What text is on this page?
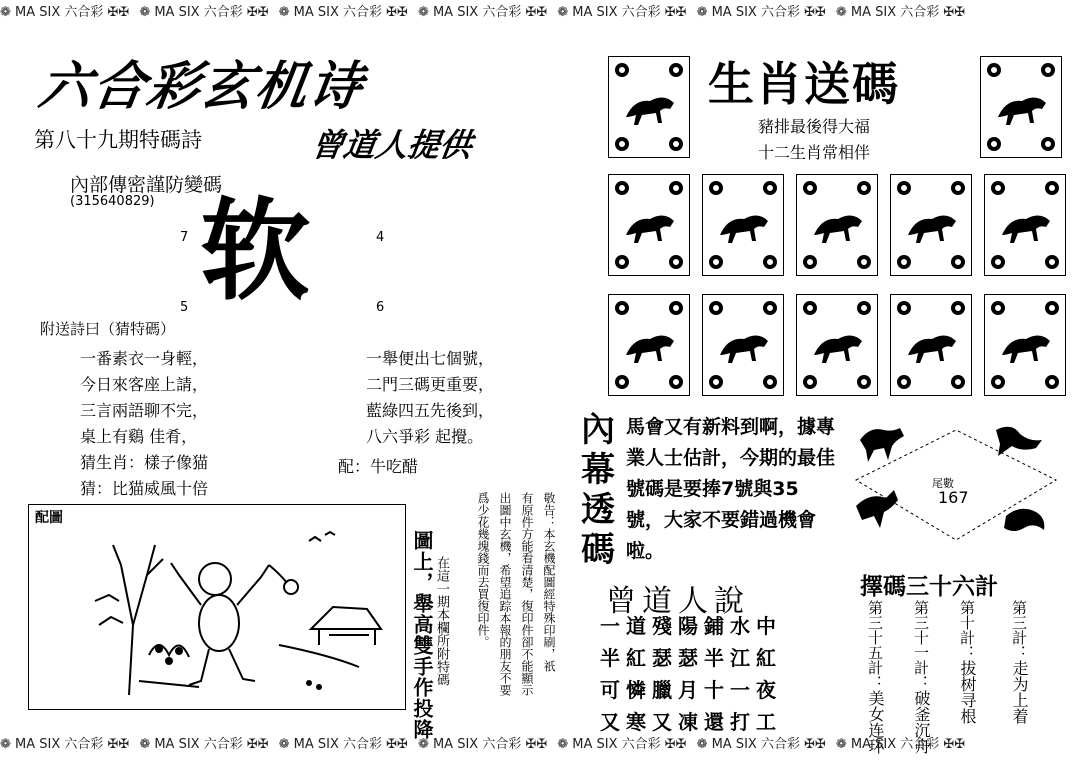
❁ MA SIX 六合彩 ✠✠ ❁ MA SIX 六合彩 ✠✠ ❁ MA SIX 六合彩 ✠✠ ❁ MA SIX 六合彩 ✠✠ ❁ MA SIX 六合彩 ✠✠ ❁ MA SIX 六合彩 ✠✠ ❁ MA SIX 六合彩 ✠✠
❁ MA SIX 六合彩 ✠✠ ❁ MA SIX 六合彩 ✠✠ ❁ MA SIX 六合彩 ✠✠ ❁ MA SIX 六合彩 ✠✠ ❁ MA SIX 六合彩 ✠✠ ❁ MA SIX 六合彩 ✠✠ ❁ MA SIX 六合彩 ✠✠
六合彩玄机诗
第八十九期特碼詩	曾道人提供
內部傳密謹防變碼
(315640829) 软
7	4
5	6
附送詩曰（猜特碼）
一番素衣一身輕，
今日來客座上請，
三言兩語聊不完，
桌上有鷄 佳肴，
猜生肖：樣子像猫
猜：比猫威風十倍
一舉便出七個號，
二門三碼更重要，
藍綠四五先後到，
八六爭彩 起攪。
配：牛吃醋
配圖
圖上，舉高雙手作投降 在這一期本欄所附特碼	敬告：本玄機配圖經特殊印刷，祇
有原件方能看清楚，復印件卻不能顯示
出圖中玄機，希望追踪本報的朋友不要
爲少花幾塊錢而去買復印件。
生肖送碼
豬排最後得大福
十二生肖常相伴
內幕透碼
馬會又有新料到啊，據專業人士估計，今期的最佳號碼是要捧7號與35號，大家不要錯過機會啦。
尾數
167
曾道人說
一道殘陽鋪水中
半紅瑟瑟半江紅
可憐臘月十一夜
又寒又凍還打工
擇碼三十六計
第三計：走为上着
第十計：拔树寻根
第三十一計：破釜沉舟
第三十五計：美女连环
